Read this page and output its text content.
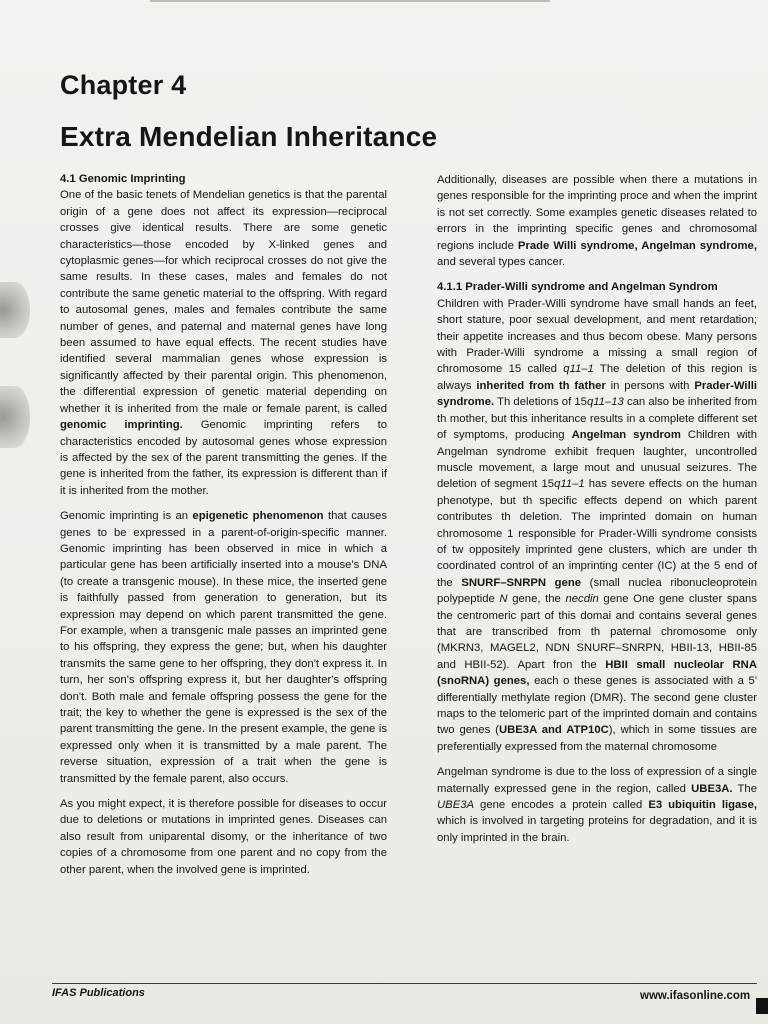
Chapter 4
Extra Mendelian Inheritance
4.1 Genomic Imprinting

One of the basic tenets of Mendelian genetics is that the parental origin of a gene does not affect its expression—reciprocal crosses give identical results. There are some genetic characteristics—those encoded by X-linked genes and cytoplasmic genes—for which reciprocal crosses do not give the same results. In these cases, males and females do not contribute the same genetic material to the offspring. With regard to autosomal genes, males and females contribute the same number of genes, and paternal and maternal genes have long been assumed to have equal effects. The recent studies have identified several mammalian genes whose expression is significantly affected by their parental origin. This phenomenon, the differential expression of genetic material depending on whether it is inherited from the male or female parent, is called genomic imprinting. Genomic imprinting refers to characteristics encoded by autosomal genes whose expression is affected by the sex of the parent transmitting the genes. If the gene is inherited from the father, its expression is different than if it is inherited from the mother.

Genomic imprinting is an epigenetic phenomenon that causes genes to be expressed in a parent-of-origin-specific manner. Genomic imprinting has been observed in mice in which a particular gene has been artificially inserted into a mouse's DNA (to create a transgenic mouse). In these mice, the inserted gene is faithfully passed from generation to generation, but its expression may depend on which parent transmitted the gene. For example, when a transgenic male passes an imprinted gene to his offspring, they express the gene; but, when his daughter transmits the same gene to her offspring, they don't express it. In turn, her son's offspring express it, but her daughter's offspring don't. Both male and female offspring possess the gene for the trait; the key to whether the gene is expressed is the sex of the parent transmitting the gene. In the present example, the gene is expressed only when it is transmitted by a male parent. The reverse situation, expression of a trait when the gene is transmitted by the female parent, also occurs.

As you might expect, it is therefore possible for diseases to occur due to deletions or mutations in imprinted genes. Diseases can also result from uniparental disomy, or the inheritance of two copies of a chromosome from one parent and no copy from the other parent, when the involved gene is imprinted.

Additionally, diseases are possible when there a mutations in genes responsible for the imprinting proce and when the imprint is not set correctly. Some examples genetic diseases related to errors in the imprinting specific genes and chromosomal regions include Prade Willi syndrome, Angelman syndrome, and several types cancer.

4.1.1 Prader-Willi syndrome and Angelman Syndrom

Children with Prader-Willi syndrome have small hands an feet, short stature, poor sexual development, and ment retardation; their appetite increases and thus becom obese. Many persons with Prader-Willi syndrome a missing a small region of chromosome 15 called q11–1 The deletion of this region is always inherited from th father in persons with Prader-Willi syndrome. Th deletions of 15q11–13 can also be inherited from th mother, but this inheritance results in a complete different set of symptoms, producing Angelman syndrom Children with Angelman syndrome exhibit frequen laughter, uncontrolled muscle movement, a large mout and unusual seizures. The deletion of segment 15q11–1 has severe effects on the human phenotype, but th specific effects depend on which parent contributes th deletion. The imprinted domain on human chromosome 1 responsible for Prader-Willi syndrome consists of tw oppositely imprinted gene clusters, which are under th coordinated control of an imprinting center (IC) at the 5 end of the SNURF–SNRPN gene (small nuclea ribonucleoprotein polypeptide N gene, the necdin gene One gene cluster spans the centromeric part of this domai and contains several genes that are transcribed from th paternal chromosome only (MKRN3, MAGEL2, NDN SNURF–SNRPN, HBII-13, HBII-85 and HBII-52). Apart fron the HBII small nucleolar RNA (snoRNA) genes, each o these genes is associated with a 5' differentially methylate region (DMR). The second gene cluster maps to the telomeric part of the imprinted domain and contains two genes (UBE3A and ATP10C), which in some tissues are preferentially expressed from the maternal chromosome

Angelman syndrome is due to the loss of expression of a single maternally expressed gene in the region, called UBE3A. The UBE3A gene encodes a protein called E3 ubiquitin ligase, which is involved in targeting proteins for degradation, and it is only imprinted in the brain.

IFAS Publications	www.ifasonline.com
